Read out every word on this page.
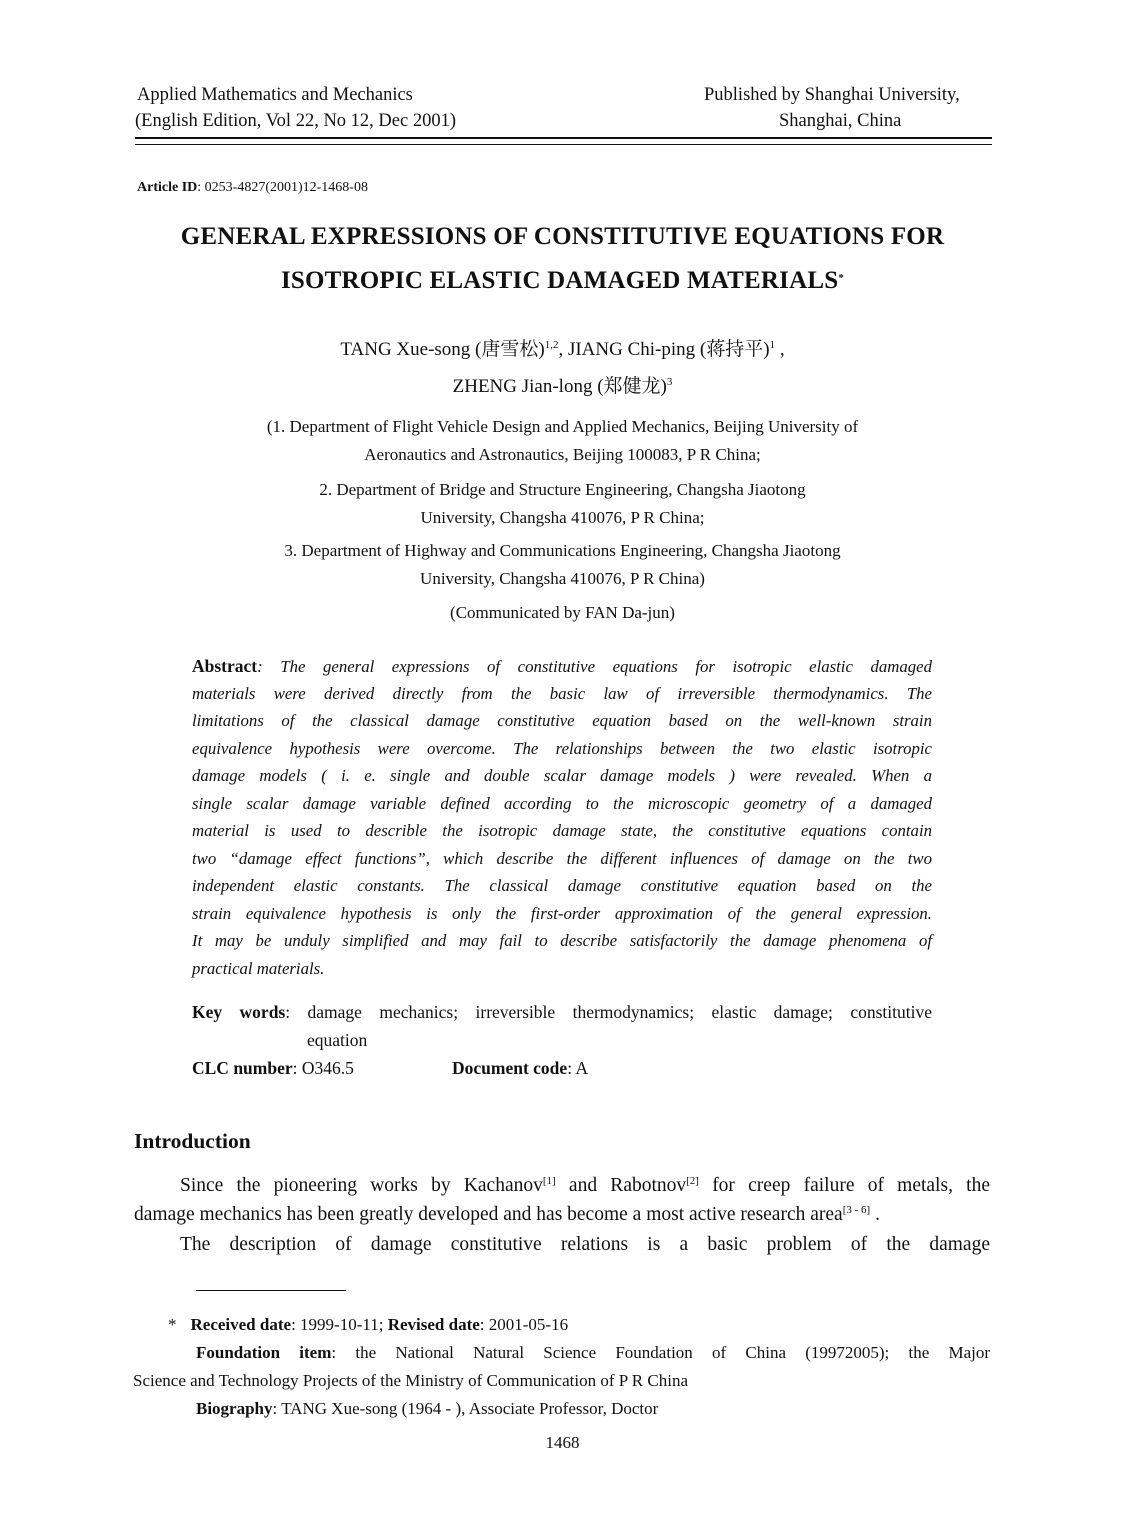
Applied Mathematics and Mechanics
(English Edition, Vol 22, No 12, Dec 2001)
Published by Shanghai University,
Shanghai, China
Article ID: 0253-4827(2001)12-1468-08
GENERAL EXPRESSIONS OF CONSTITUTIVE EQUATIONS FOR
ISOTROPIC ELASTIC DAMAGED MATERIALS*
TANG Xue-song (唐雪松)$^{1,2}$, JIANG Chi-ping (蒋持平)$^1$ ,
ZHENG Jian-long (郑健龙)$^3$
(1. Department of Flight Vehicle Design and Applied Mechanics, Beijing University of
Aeronautics and Astronautics, Beijing 100083, P R China;
2. Department of Bridge and Structure Engineering, Changsha Jiaotong
University, Changsha 410076, P R China;
3. Department of Highway and Communications Engineering, Changsha Jiaotong
University, Changsha 410076, P R China)
(Communicated by FAN Da-jun)
Abstract: The general expressions of constitutive equations for isotropic elastic damaged
materials were derived directly from the basic law of irreversible thermodynamics. The
limitations of the classical damage constitutive equation based on the well-known strain
equivalence hypothesis were overcome. The relationships between the two elastic isotropic
damage models ( i. e. single and double scalar damage models ) were revealed. When a
single scalar damage variable defined according to the microscopic geometry of a damaged
material is used to describle the isotropic damage state, the constitutive equations contain
two “damage effect functions”, which describe the different influences of damage on the two
independent elastic constants. The classical damage constitutive equation based on the
strain equivalence hypothesis is only the first-order approximation of the general expression.
It may be unduly simplified and may fail to describe satisfactorily the damage phenomena of
practical materials.
Key words: damage mechanics; irreversible thermodynamics; elastic damage; constitutive
equation
CLC number: O346.5	Document code: A
Introduction
Since the pioneering works by Kachanov[1] and Rabotnov[2] for creep failure of metals, the
damage mechanics has been greatly developed and has become a most active research area[3 - 6] .
The description of damage constitutive relations is a basic problem of the damage
* Received date: 1999-10-11; Revised date: 2001-05-16
Foundation item: the National Natural Science Foundation of China (19972005); the Major
Science and Technology Projects of the Ministry of Communication of P R China
Biography: TANG Xue-song (1964 - ), Associate Professor, Doctor
1468
